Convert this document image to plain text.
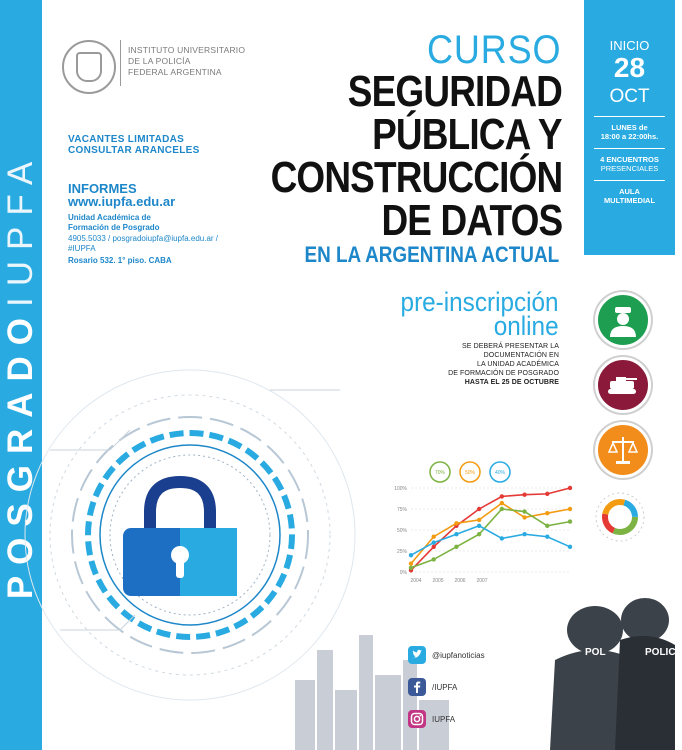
POSGRADOIUPFA
INSTITUTO UNIVERSITARIO
DE LA POLICÍA
FEDERAL ARGENTINA
VACANTES LIMITADAS
CONSULTAR ARANCELES
INFORMES
www.iupfa.edu.ar
Unidad Académica de
Formación de Posgrado
4905.5033 / posgradoiupfa@iupfa.edu.ar /
#IUPFA
Rosario 532. 1° piso. CABA
CURSO
SEGURIDAD
PÚBLICA Y
CONSTRUCCIÓN
DE DATOS
EN LA ARGENTINA ACTUAL
INICIO
28
OCT
LUNES de
18:00 a 22:00hs.
4 ENCUENTROS
PRESENCIALES
AULA
MULTIMEDIAL
pre-inscripción
online
SE DEBERÁ PRESENTAR LA
DOCUMENTACIÓN EN
LA UNIDAD ACADÉMICA
DE FORMACIÓN DE POSGRADO
HASTA EL 25 DE OCTUBRE
70%	50%	40%
0%
25%
50%
75%
100%
2004 2005 2006 2007
POL	POLICE
@iupfanoticias
/IUPFA
IUPFA
